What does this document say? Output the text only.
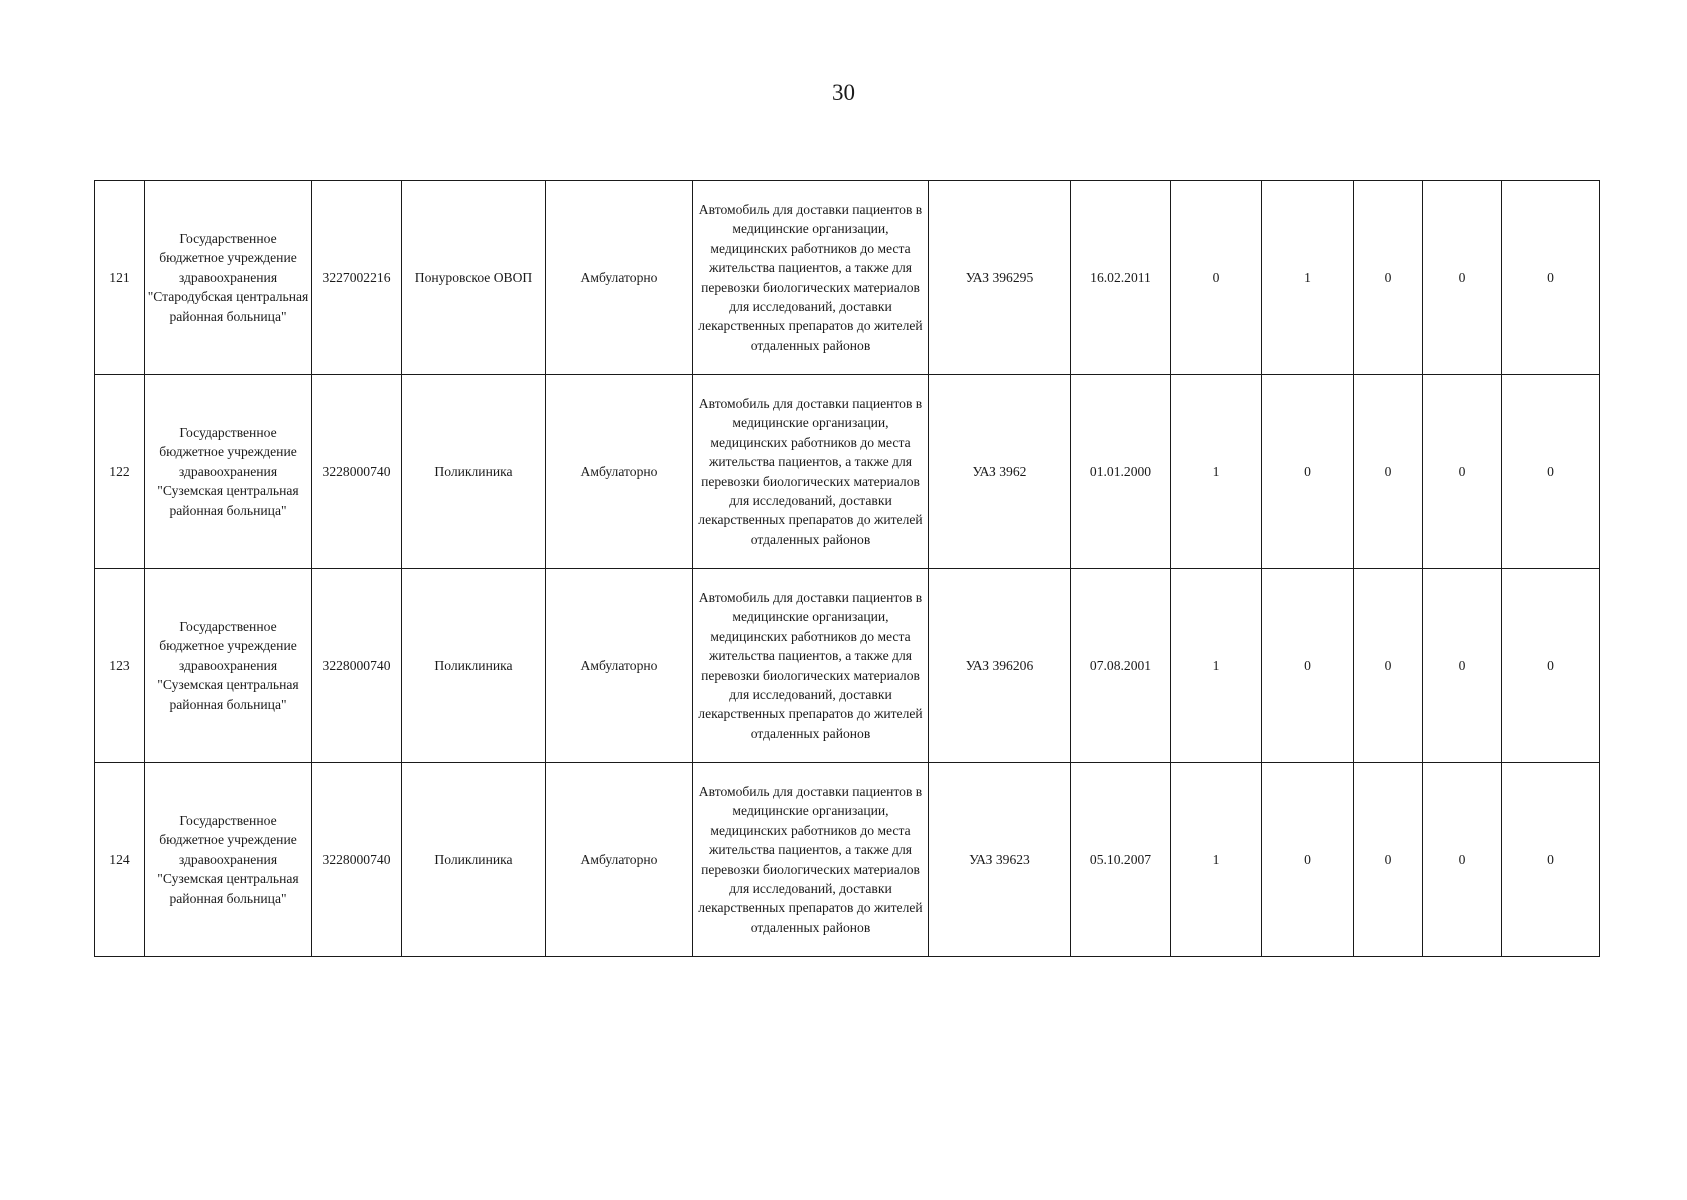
30
121	Государственное бюджетное учреждение здравоохранения "Стародубская центральная районная больница"	3227002216	Понуровское ОВОП	Амбулаторно	Автомобиль для доставки пациентов в медицинские организации, медицинских работников до места жительства пациентов, а также для перевозки биологических материалов для исследований, доставки лекарственных препаратов до жителей отдаленных районов	УАЗ 396295	16.02.2011	0	1	0	0	0
122	Государственное бюджетное учреждение здравоохранения "Суземская центральная районная больница"	3228000740	Поликлиника	Амбулаторно	Автомобиль для доставки пациентов в медицинские организации, медицинских работников до места жительства пациентов, а также для перевозки биологических материалов для исследований, доставки лекарственных препаратов до жителей отдаленных районов	УАЗ 3962	01.01.2000	1	0	0	0	0
123	Государственное бюджетное учреждение здравоохранения "Суземская центральная районная больница"	3228000740	Поликлиника	Амбулаторно	Автомобиль для доставки пациентов в медицинские организации, медицинских работников до места жительства пациентов, а также для перевозки биологических материалов для исследований, доставки лекарственных препаратов до жителей отдаленных районов	УАЗ 396206	07.08.2001	1	0	0	0	0
124	Государственное бюджетное учреждение здравоохранения "Суземская центральная районная больница"	3228000740	Поликлиника	Амбулаторно	Автомобиль для доставки пациентов в медицинские организации, медицинских работников до места жительства пациентов, а также для перевозки биологических материалов для исследований, доставки лекарственных препаратов до жителей отдаленных районов	УАЗ 39623	05.10.2007	1	0	0	0	0
